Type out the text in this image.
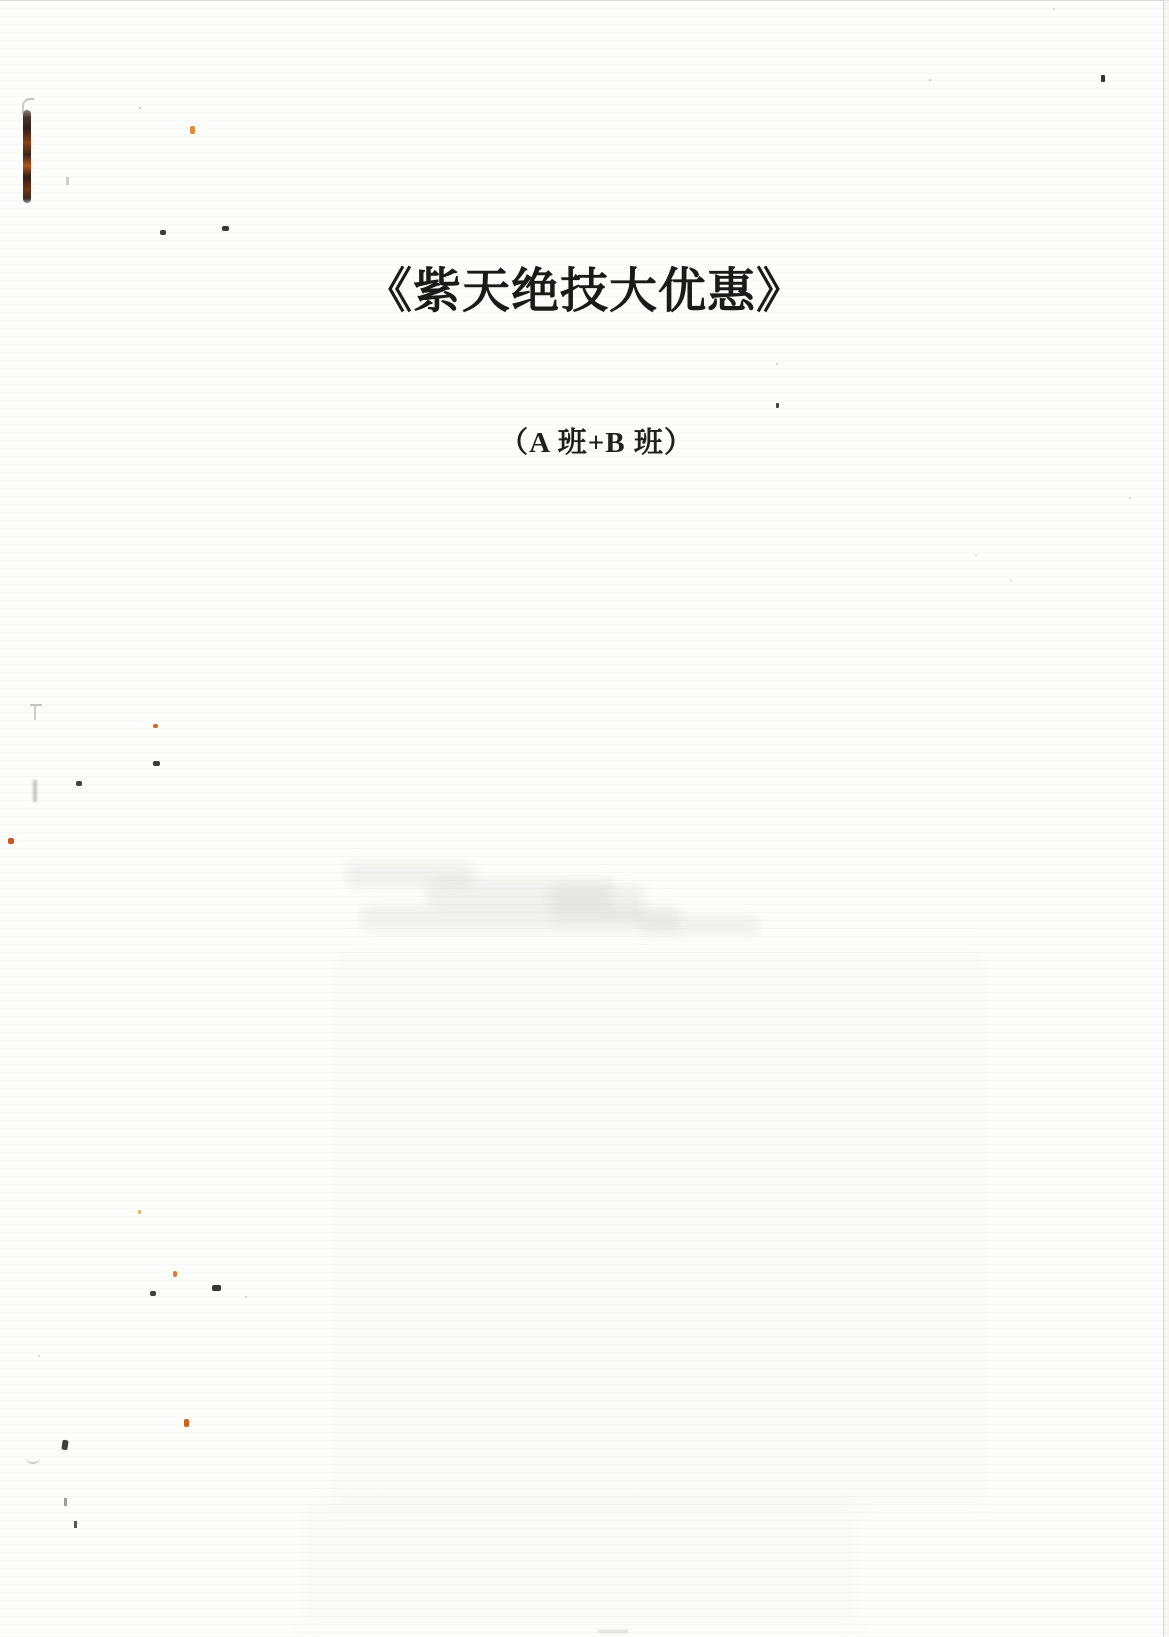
《紫天绝技大优惠》

（A 班+B 班）
